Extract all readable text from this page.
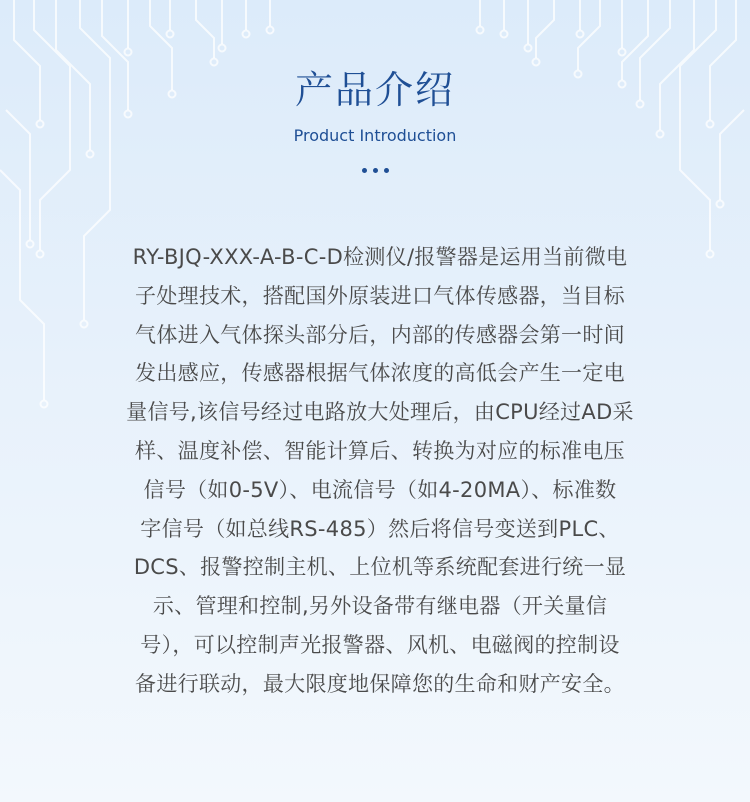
产品介绍
Product Introduction

RY-BJQ-XXX-A-B-C-D检测仪/报警器是运用当前微电
子处理技术，搭配国外原装进口气体传感器，当目标
气体进入气体探头部分后，内部的传感器会第一时间
发出感应，传感器根据气体浓度的高低会产生一定电
量信号,该信号经过电路放大处理后，由CPU经过AD采
样、温度补偿、智能计算后、转换为对应的标准电压
信号（如0-5V）、电流信号（如4-20MA）、标准数
字信号（如总线RS-485）然后将信号变送到PLC、
DCS、报警控制主机、上位机等系统配套进行统一显
示、管理和控制,另外设备带有继电器（开关量信
号），可以控制声光报警器、风机、电磁阀的控制设
备进行联动，最大限度地保障您的生命和财产安全。
